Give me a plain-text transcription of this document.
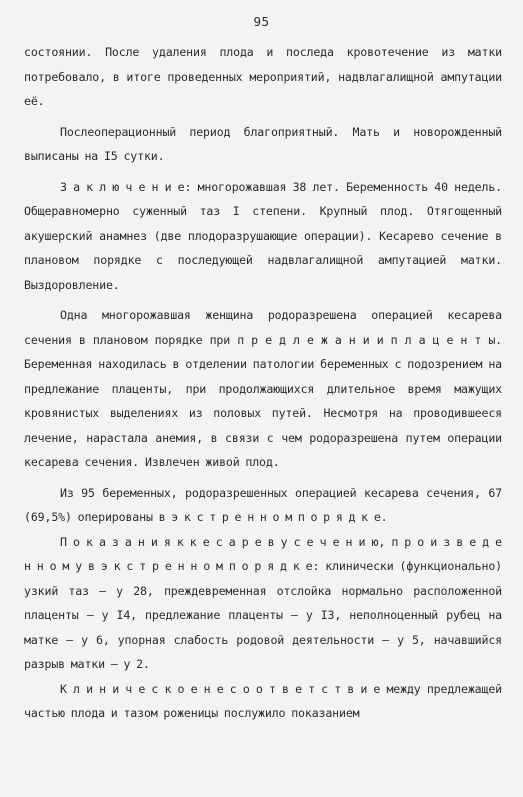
95

состоянии. После удаления плода и последа кровотечение из матки потребовало, в итоге проведенных мероприятий, надвлагалищной ампутации её.

Послеоперационный период благоприятный. Мать и новорожденный выписаны на I5 сутки.

З а к л ю ч е н и е: многорожавшая 38 лет. Беременность 40 недель. Общеравномерно суженный таз I степени. Крупный плод. Отягощенный акушерский анамнез (две плодоразрушающие операции). Кесарево сечение в плановом порядке с последующей надвлагалищной ампутацией матки. Выздоровление.

Одна многорожавшая женщина родоразрешена операцией кесарева сечения в плановом порядке при п р е д л е ж а н и и п л а ц е н т ы. Беременная находилась в отделении патологии беременных с подозрением на предлежание плаценты, при продолжающихся длительное время мажущих кровянистых выделениях из половых путей. Несмотря на проводившееся лечение, нарастала анемия, в связи с чем родоразрешена путем операции кесарева сечения. Извлечен живой плод.

Из 95 беременных, родоразрешенных операцией кесарева сечения, 67 (69,5%) оперированы в э к с т р е н н о м п о р я д к е.

П о к а з а н и я к к е с а р е в у с е ч е н и ю, п р о и з в е д е н н о м у в э к с т р е н н о м п о р я д к е: клинически (функционально) узкий таз – у 28, преждевременная отслойка нормально расположенной плаценты – у I4, предлежание плаценты – у I3, неполноценный рубец на матке – у 6, упорная слабость родовой деятельности – у 5, начавшийся разрыв матки – у 2.

К л и н и ч е с к о е н е с о о т в е т с т в и е между предлежащей частью плода и тазом роженицы послужило показанием
